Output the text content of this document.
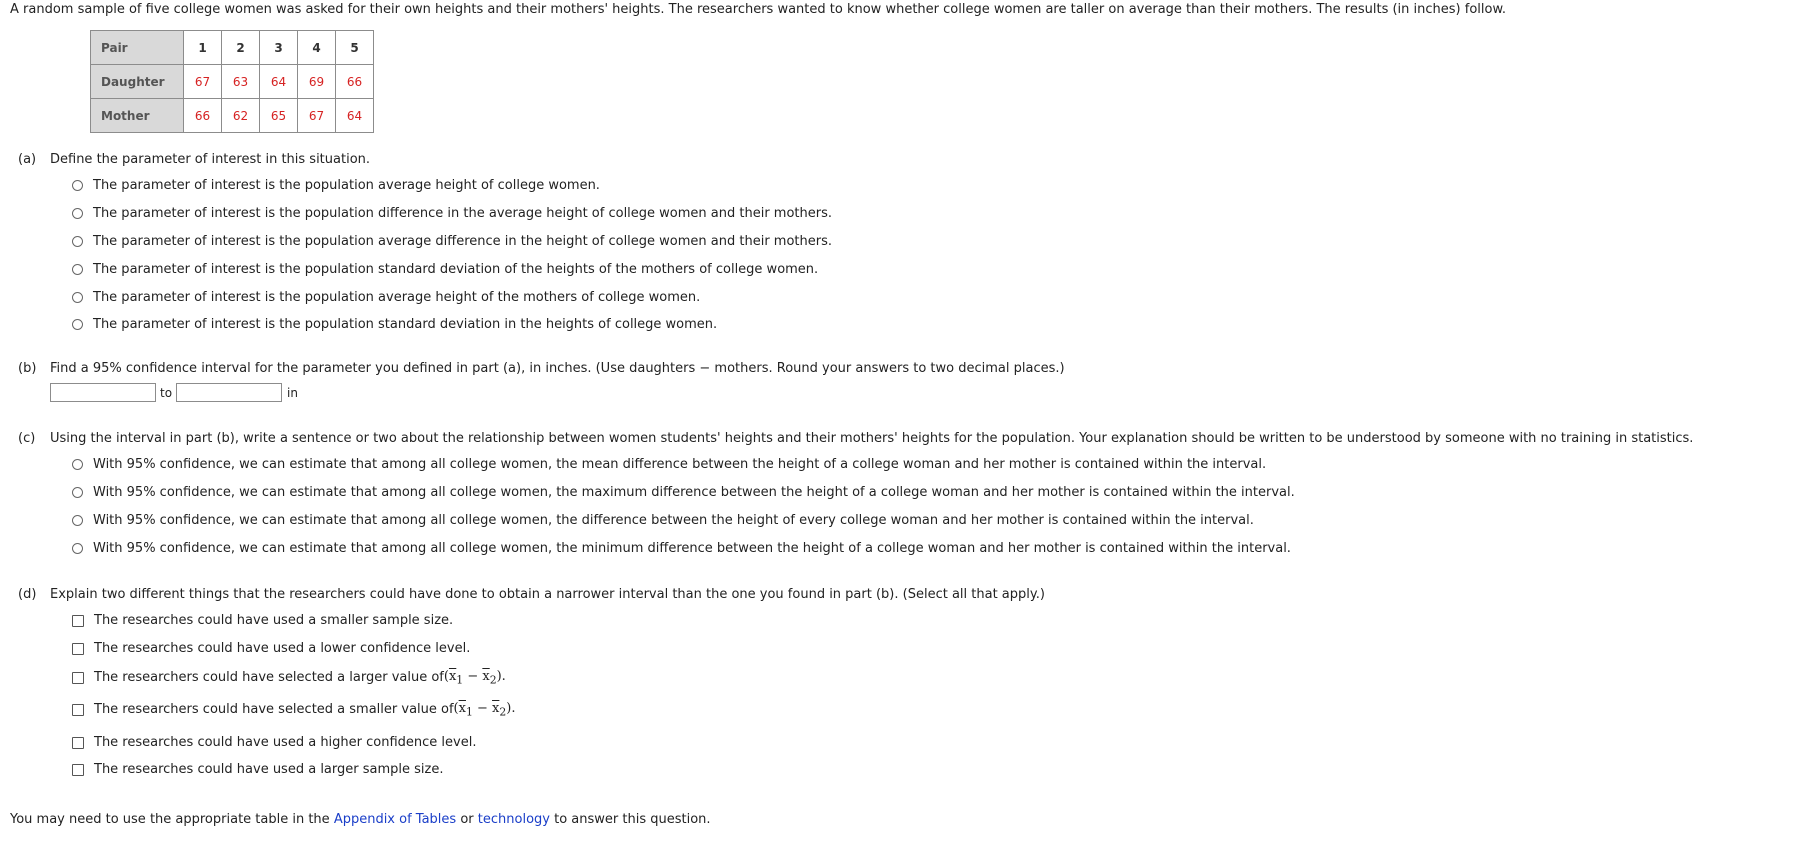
A random sample of five college women was asked for their own heights and their mothers' heights. The researchers wanted to know whether college women are taller on average than their mothers. The results (in inches) follow.
Pair	1	2	3	4	5
Daughter	67	63	64	69	66
Mother	66	62	65	67	64
(a) Define the parameter of interest in this situation.
The parameter of interest is the population average height of college women.
The parameter of interest is the population difference in the average height of college women and their mothers.
The parameter of interest is the population average difference in the height of college women and their mothers.
The parameter of interest is the population standard deviation of the heights of the mothers of college women.
The parameter of interest is the population average height of the mothers of college women.
The parameter of interest is the population standard deviation in the heights of college women.
(b) Find a 95% confidence interval for the parameter you defined in part (a), in inches. (Use daughters − mothers. Round your answers to two decimal places.)
to	in
(c) Using the interval in part (b), write a sentence or two about the relationship between women students' heights and their mothers' heights for the population. Your explanation should be written to be understood by someone with no training in statistics.
With 95% confidence, we can estimate that among all college women, the mean difference between the height of a college woman and her mother is contained within the interval.
With 95% confidence, we can estimate that among all college women, the maximum difference between the height of a college woman and her mother is contained within the interval.
With 95% confidence, we can estimate that among all college women, the difference between the height of every college woman and her mother is contained within the interval.
With 95% confidence, we can estimate that among all college women, the minimum difference between the height of a college woman and her mother is contained within the interval.
(d) Explain two different things that the researchers could have done to obtain a narrower interval than the one you found in part (b). (Select all that apply.)
The researches could have used a smaller sample size.
The researches could have used a lower confidence level.
The researchers could have selected a larger value of $(\overline{x}_1 - \overline{x}_2)$.
The researchers could have selected a smaller value of $(\overline{x}_1 - \overline{x}_2)$.
The researches could have used a higher confidence level.
The researches could have used a larger sample size.
You may need to use the appropriate table in the Appendix of Tables or technology to answer this question.
